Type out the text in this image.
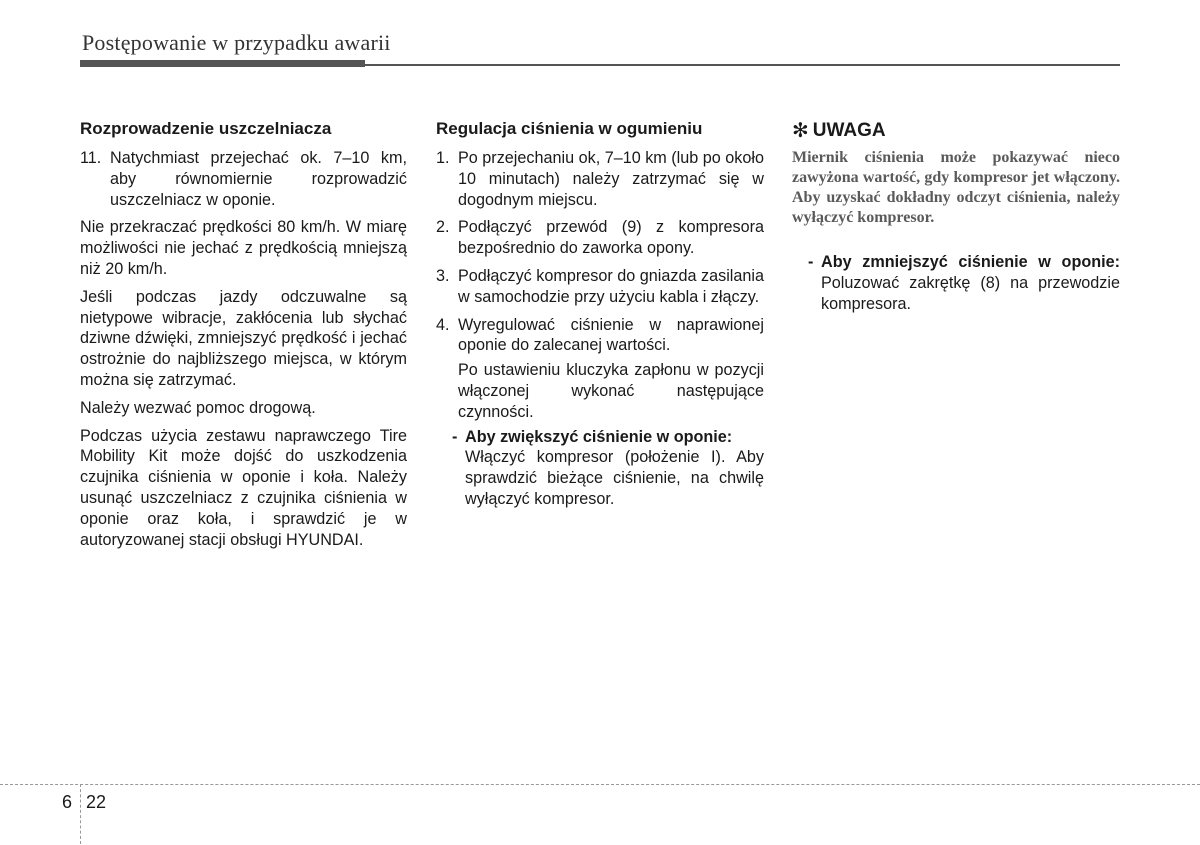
Postępowanie w przypadku awarii
Rozprowadzenie uszczelniacza
11. Natychmiast przejechać ok. 7–10 km, aby równomiernie rozprowadzić uszczelniacz w oponie.

Nie przekraczać prędkości 80 km/h. W miarę możliwości nie jechać z prędkością mniejszą niż 20 km/h.

Jeśli podczas jazdy odczuwalne są nietypowe wibracje, zakłócenia lub słychać dziwne dźwięki, zmniejszyć prędkość i jechać ostrożnie do najbliższego miejsca, w którym można się zatrzymać.

Należy wezwać pomoc drogową.

Podczas użycia zestawu naprawczego Tire Mobility Kit może dojść do uszkodzenia czujnika ciśnienia w oponie i koła. Należy usunąć uszczelniacz z czujnika ciśnienia w oponie oraz koła, i sprawdzić je w autoryzowanej stacji obsługi HYUNDAI.

Regulacja ciśnienia w ogumieniu
1. Po przejechaniu ok, 7–10 km (lub po około 10 minutach) należy zatrzymać się w dogodnym miejscu.
2. Podłączyć przewód (9) z kompresora bezpośrednio do zaworka opony.
3. Podłączyć kompresor do gniazda zasilania w samochodzie przy użyciu kabla i złączy.
4. Wyregulować ciśnienie w naprawionej oponie do zalecanej wartości.
Po ustawieniu kluczyka zapłonu w pozycji włączonej wykonać następujące czynności.
- Aby zwiększyć ciśnienie w oponie:
Włączyć kompresor (położenie I). Aby sprawdzić bieżące ciśnienie, na chwilę wyłączyć kompresor.
✻ UWAGA
Miernik ciśnienia może pokazywać nieco zawyżona wartość, gdy kompresor jet włączony. Aby uzyskać dokładny odczyt ciśnienia, należy wyłączyć kompresor.
- Aby zmniejszyć ciśnienie w oponie: Poluzować zakrętkę (8) na przewodzie kompresora.
6 22
